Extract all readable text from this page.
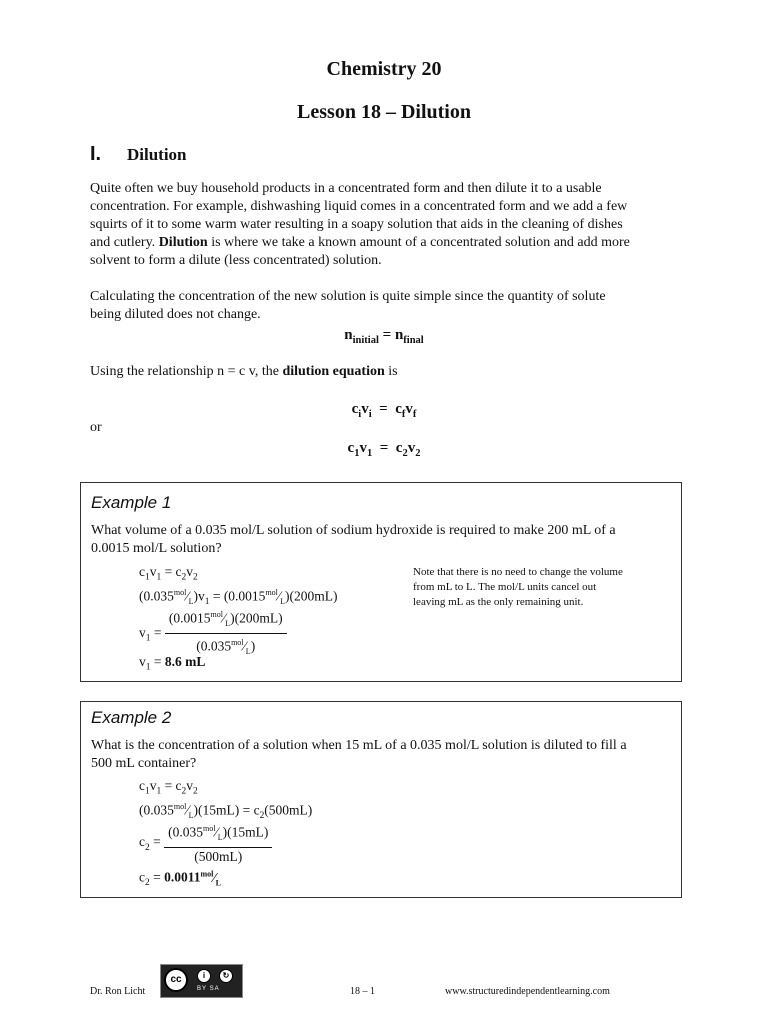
Chemistry 20
Lesson 18 – Dilution
I. Dilution
Quite often we buy household products in a concentrated form and then dilute it to a usable
concentration. For example, dishwashing liquid comes in a concentrated form and we add a few
squirts of it to some warm water resulting in a soapy solution that aids in the cleaning of dishes
and cutlery. Dilution is where we take a known amount of a concentrated solution and add more
solvent to form a dilute (less concentrated) solution.
Calculating the concentration of the new solution is quite simple since the quantity of solute
being diluted does not change.
$n_{initial} = n_{final}$
Using the relationship n = c v, the dilution equation is
$c_iv_i = c_fv_f$
or
$c_1v_1 = c_2v_2$
Example 1
What volume of a 0.035 mol/L solution of sodium hydroxide is required to make 200 mL of a
0.0015 mol/L solution?
$c_1v_1 = c_2v_2$
$(0.035^{mol}⁄_L)v_1$ = $(0.0015^{mol}⁄_L)(200mL)$
$v_1 = \frac{(0.0015^{mol}⁄_L)(200mL)}{(0.035^{mol}⁄_L)}$
$v_1 = 8.6$ mL
Note that there is no need to change the volume from mL to L. The mol/L units cancel out leaving mL as the only remaining unit.
Example 2
What is the concentration of a solution when 15 mL of a 0.035 mol/L solution is diluted to fill a
500 mL container?
$c_1v_1 = c_2v_2$
$(0.035^{mol}⁄_L)(15mL) = c_2(500mL)$
$c_2 = \frac{(0.035^{mol}⁄_L)(15mL)}{(500mL)}$
$c_2$ = $0.0011^{mol}⁄_L$
Dr. Ron Licht
cc	i	↻
BY SA	18 – 1	www.structuredindependentlearning.com
